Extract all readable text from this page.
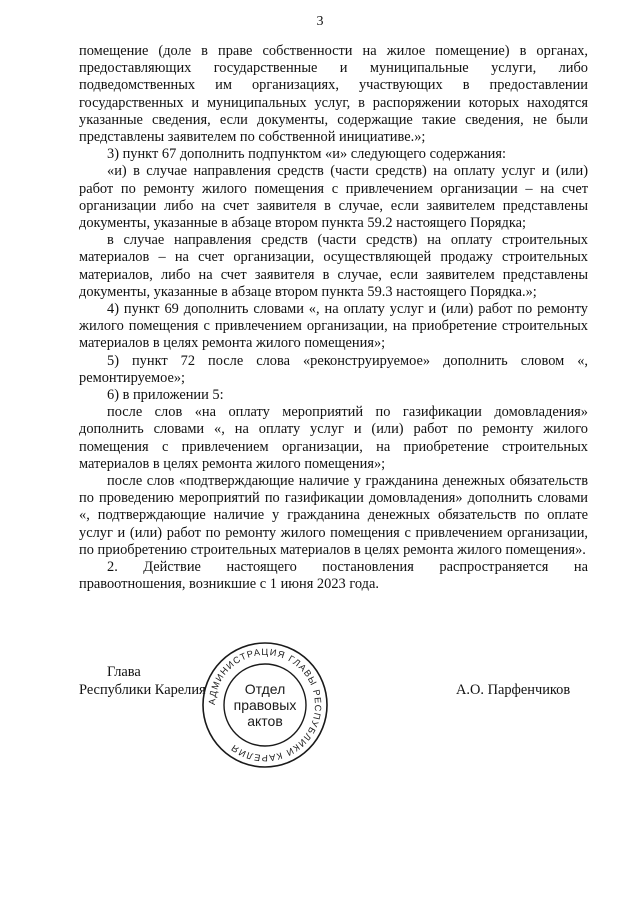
3

помещение (доле в праве собственности на жилое помещение) в органах, предоставляющих государственные и муниципальные услуги, либо подведомственных им организациях, участвующих в предоставлении государственных и муниципальных услуг, в распоряжении которых находятся указанные сведения, если документы, содержащие такие сведения, не были представлены заявителем по собственной инициативе.»;

3) пункт 67 дополнить подпунктом «и» следующего содержания:

«и) в случае направления средств (части средств) на оплату услуг и (или) работ по ремонту жилого помещения с привлечением организации – на счет организации либо на счет заявителя в случае, если заявителем представлены документы, указанные в абзаце втором пункта 59.2 настоящего Порядка;

в случае направления средств (части средств) на оплату строительных материалов – на счет организации, осуществляющей продажу строительных материалов, либо на счет заявителя в случае, если заявителем представлены документы, указанные в абзаце втором пункта 59.3 настоящего Порядка.»;

4) пункт 69 дополнить словами «, на оплату услуг и (или) работ по ремонту жилого помещения с привлечением организации, на приобретение строительных материалов в целях ремонта жилого помещения»;

5) пункт 72 после слова «реконструируемое» дополнить словом «, ремонтируемое»;

6) в приложении 5:

после слов «на оплату мероприятий по газификации домовладения» дополнить словами «, на оплату услуг и (или) работ по ремонту жилого помещения с привлечением организации, на приобретение строительных материалов в целях ремонта жилого помещения»;

после слов «подтверждающие наличие у гражданина денежных обязательств по проведению мероприятий по газификации домовладения» дополнить словами «, подтверждающие наличие у гражданина денежных обязательств по оплате услуг и (или) работ по ремонту жилого помещения с привлечением организации, по приобретению строительных материалов в целях ремонта жилого помещения».

2. Действие настоящего постановления распространяется на правоотношения, возникшие с 1 июня 2023 года.

Глава
Республики Карелия
АДМИНИСТРАЦИЯ ГЛАВЫ РЕСПУБЛИКИ КАРЕЛИЯ
Отдел
правовых
актов
А.О. Парфенчиков
